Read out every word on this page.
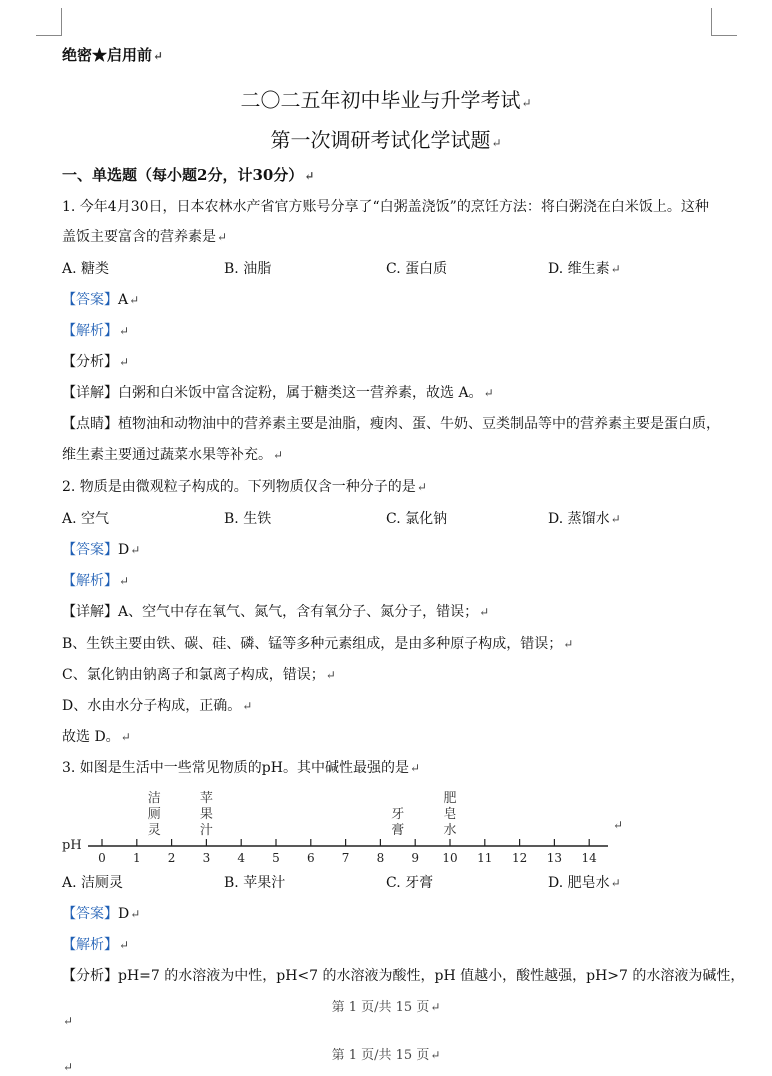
绝密★启用前↵
二〇二五年初中毕业与升学考试↵
第一次调研考试化学试题↵
一、单选题（每小题2分，计30分）↵
1. 今年4月30日，日本农林水产省官方账号分享了“白粥盖浇饭”的烹饪方法：将白粥浇在白米饭上。这种
盖饭主要富含的营养素是↵
A. 糖类	B. 油脂	C. 蛋白质	D. 维生素↵
【答案】A↵
【解析】↵
【分析】↵
【详解】白粥和白米饭中富含淀粉，属于糖类这一营养素，故选 A。↵
【点睛】植物油和动物油中的营养素主要是油脂，瘦肉、蛋、牛奶、豆类制品等中的营养素主要是蛋白质，
维生素主要通过蔬菜水果等补充。↵
2. 物质是由微观粒子构成的。下列物质仅含一种分子的是↵
A. 空气	B. 生铁	C. 氯化钠	D. 蒸馏水↵
【答案】D↵
【解析】↵
【详解】A、空气中存在氧气、氮气，含有氧分子、氮分子，错误；↵
B、生铁主要由铁、碳、硅、磷、锰等多种元素组成，是由多种原子构成，错误；↵
C、氯化钠由钠离子和氯离子构成，错误；↵
D、水由水分子构成，正确。↵
故选 D。↵
3. 如图是生活中一些常见物质的pH。其中碱性最强的是↵
pH
0 1 2 3 4 5 6 7 8 9 10 11 12 13 14
洁
厕
灵
苹
果
汁
牙
膏
肥
皂
水	↵
A. 洁厕灵	B. 苹果汁	C. 牙膏	D. 肥皂水↵
【答案】D↵
【解析】↵
【分析】pH=7 的水溶液为中性，pH<7 的水溶液为酸性，pH 值越小，酸性越强，pH>7 的水溶液为碱性，
第 1 页/共 15 页↵
↵
第 1 页/共 15 页↵
↵
